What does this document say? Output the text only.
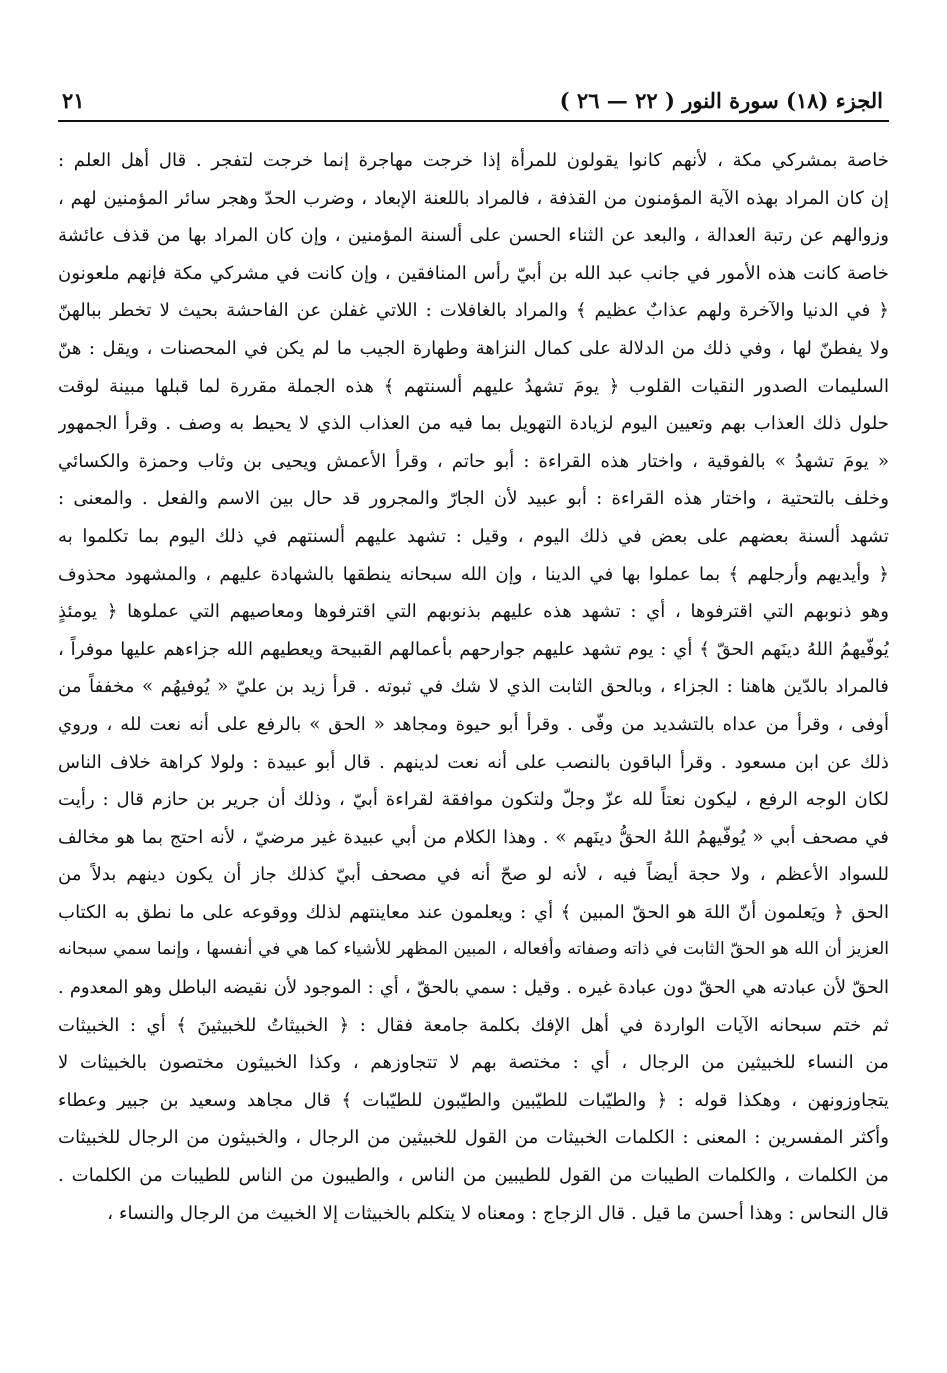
الجزء (١٨) سورة النور ( ٢٢ — ٢٦ )
٢١
خاصة بمشركي مكة ، لأنهم كانوا يقولون للمرأة إذا خرجت مهاجرة إنما خرجت لتفجر . قال أهل العلم :
إن كان المراد بهذه الآية المؤمنون من القذفة ، فالمراد باللعنة الإبعاد ، وضرب الحدّ وهجر سائر المؤمنين لهم ،
وزوالهم عن رتبة العدالة ، والبعد عن الثناء الحسن على ألسنة المؤمنين ، وإن كان المراد بها من قذف عائشة
خاصة كانت هذه الأمور في جانب عبد الله بن أبيّ رأس المنافقين ، وإن كانت في مشركي مكة فإنهم ملعونون
﴿ في الدنيا والآخرة ولهم عذابٌ عظيم ﴾ والمراد بالغافلات : اللاتي غفلن عن الفاحشة بحيث لا تخطر ببالهنّ
ولا يفطنّ لها ، وفي ذلك من الدلالة على كمال النزاهة وطهارة الجيب ما لم يكن في المحصنات ، ويقل : هنّ
السليمات الصدور النقيات القلوب ﴿ يومَ تشهدُ عليهم ألسنتهم ﴾ هذه الجملة مقررة لما قبلها مبينة لوقت
حلول ذلك العذاب بهم وتعيين اليوم لزيادة التهويل بما فيه من العذاب الذي لا يحيط به وصف . وقرأ الجمهور
« يومَ تشهدُ » بالفوقية ، واختار هذه القراءة : أبو حاتم ، وقرأ الأعمش ويحيى بن وثاب وحمزة والكسائي
وخلف بالتحتية ، واختار هذه القراءة : أبو عبيد لأن الجارّ والمجرور قد حال بين الاسم والفعل . والمعنى :
تشهد ألسنة بعضهم على بعض في ذلك اليوم ، وقيل : تشهد عليهم ألسنتهم في ذلك اليوم بما تكلموا به
﴿ وأيديهم وأرجلهم ﴾ بما عملوا بها في الدينا ، وإن الله سبحانه ينطقها بالشهادة عليهم ، والمشهود محذوف
وهو ذنوبهم التي اقترفوها ، أي : تشهد هذه عليهم بذنوبهم التي اقترفوها ومعاصيهم التي عملوها ﴿ يومئذٍ
يُوفّيهمُ اللهُ دينَهم الحقّ ﴾ أي : يوم تشهد عليهم جوارحهم بأعمالهم القبيحة ويعطيهم الله جزاءهم عليها موفراً ،
فالمراد بالدّين هاهنا : الجزاء ، وبالحق الثابت الذي لا شك في ثبوته . قرأ زيد بن عليّ « يُوفيهُم » مخففاً من
أوفى ، وقرأ من عداه بالتشديد من وفّى . وقرأ أبو حيوة ومجاهد « الحق » بالرفع على أنه نعت لله ، وروي
ذلك عن ابن مسعود . وقرأ الباقون بالنصب على أنه نعت لدينهم . قال أبو عبيدة : ولولا كراهة خلاف الناس
لكان الوجه الرفع ، ليكون نعتاً لله عزّ وجلّ ولتكون موافقة لقراءة أبيّ ، وذلك أن جرير بن حازم قال : رأيت
في مصحف أبي « يُوفّيهمُ اللهُ الحقُّ دينَهم » . وهذا الكلام من أبي عبيدة غير مرضيّ ، لأنه احتج بما هو مخالف
للسواد الأعظم ، ولا حجة أيضاً فيه ، لأنه لو صحّ أنه في مصحف أبيّ كذلك جاز أن يكون دينهم بدلاً من
الحق ﴿ ويَعلمون أنّ اللهَ هو الحقّ المبين ﴾ أي : ويعلمون عند معاينتهم لذلك ووقوعه على ما نطق به الكتاب
العزيز أن الله هو الحقّ الثابت في ذاته وصفاته وأفعاله ، المبين المظهر للأشياء كما هي في أنفسها ، وإنما سمي سبحانه
الحقّ لأن عبادته هي الحقّ دون عبادة غيره . وقيل : سمي بالحقّ ، أي : الموجود لأن نقيضه الباطل وهو المعدوم .
ثم ختم سبحانه الآيات الواردة في أهل الإفك بكلمة جامعة فقال : ﴿ الخبيثاتُ للخبيثينَ ﴾ أي : الخبيثات
من النساء للخبيثين من الرجال ، أي : مختصة بهم لا تتجاوزهم ، وكذا الخبيثون مختصون بالخبيثات لا
يتجاوزونهن ، وهكذا قوله : ﴿ والطيّبات للطيّبين والطيّبون للطيّبات ﴾ قال مجاهد وسعيد بن جبير وعطاء
وأكثر المفسرين : المعنى : الكلمات الخبيثات من القول للخبيثين من الرجال ، والخبيثون من الرجال للخبيثات
من الكلمات ، والكلمات الطيبات من القول للطيبين من الناس ، والطيبون من الناس للطيبات من الكلمات .
قال النحاس : وهذا أحسن ما قيل . قال الزجاج : ومعناه لا يتكلم بالخبيثات إلا الخبيث من الرجال والنساء ،
